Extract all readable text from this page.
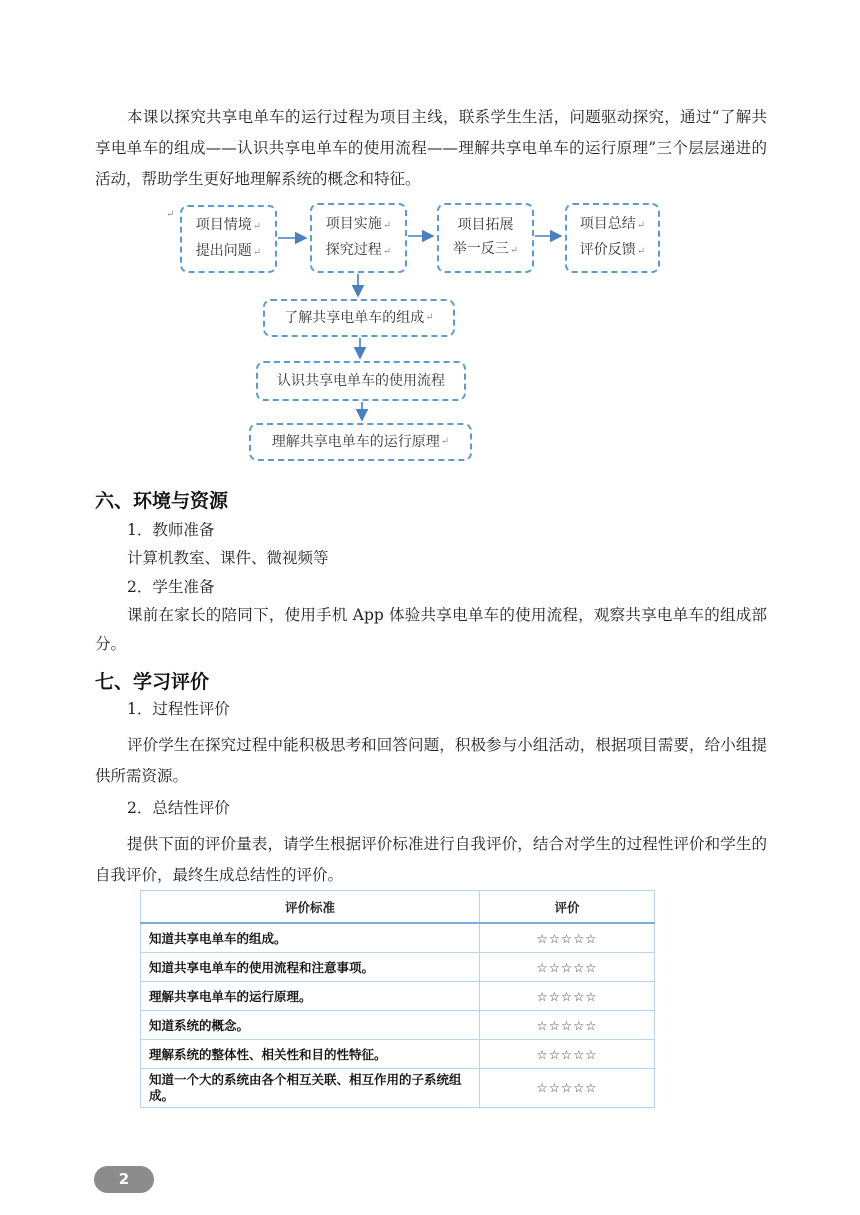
本课以探究共享电单车的运行过程为项目主线，联系学生生活，问题驱动探究，通过“了解共享电单车的组成——认识共享电单车的使用流程——理解共享电单车的运行原理”三个层层递进的活动，帮助学生更好地理解系统的概念和特征。

↵
项目情境↵
提出问题↵
项目实施↵
探究过程↵
项目拓展
举一反三↵
项目总结↵
评价反馈↵
了解共享电单车的组成 ↵
认识共享电单车的使用流程
理解共享电单车的运行原理 ↵
六、环境与资源
1．教师准备
计算机教室、课件、微视频等
2．学生准备

课前在家长的陪同下，使用手机 App 体验共享电单车的使用流程，观察共享电单车的组成部分。

七、学习评价
1．过程性评价

评价学生在探究过程中能积极思考和回答问题，积极参与小组活动，根据项目需要，给小组提供所需资源。

2．总结性评价

提供下面的评价量表，请学生根据评价标准进行自我评价，结合对学生的过程性评价和学生的自我评价，最终生成总结性的评价。

评价标准	评价
知道共享电单车的组成。	☆☆☆☆☆
知道共享电单车的使用流程和注意事项。	☆☆☆☆☆
理解共享电单车的运行原理。	☆☆☆☆☆
知道系统的概念。	☆☆☆☆☆
理解系统的整体性、相关性和目的性特征。	☆☆☆☆☆
知道一个大的系统由各个相互关联、相互作用的子系统组成。	☆☆☆☆☆
2
